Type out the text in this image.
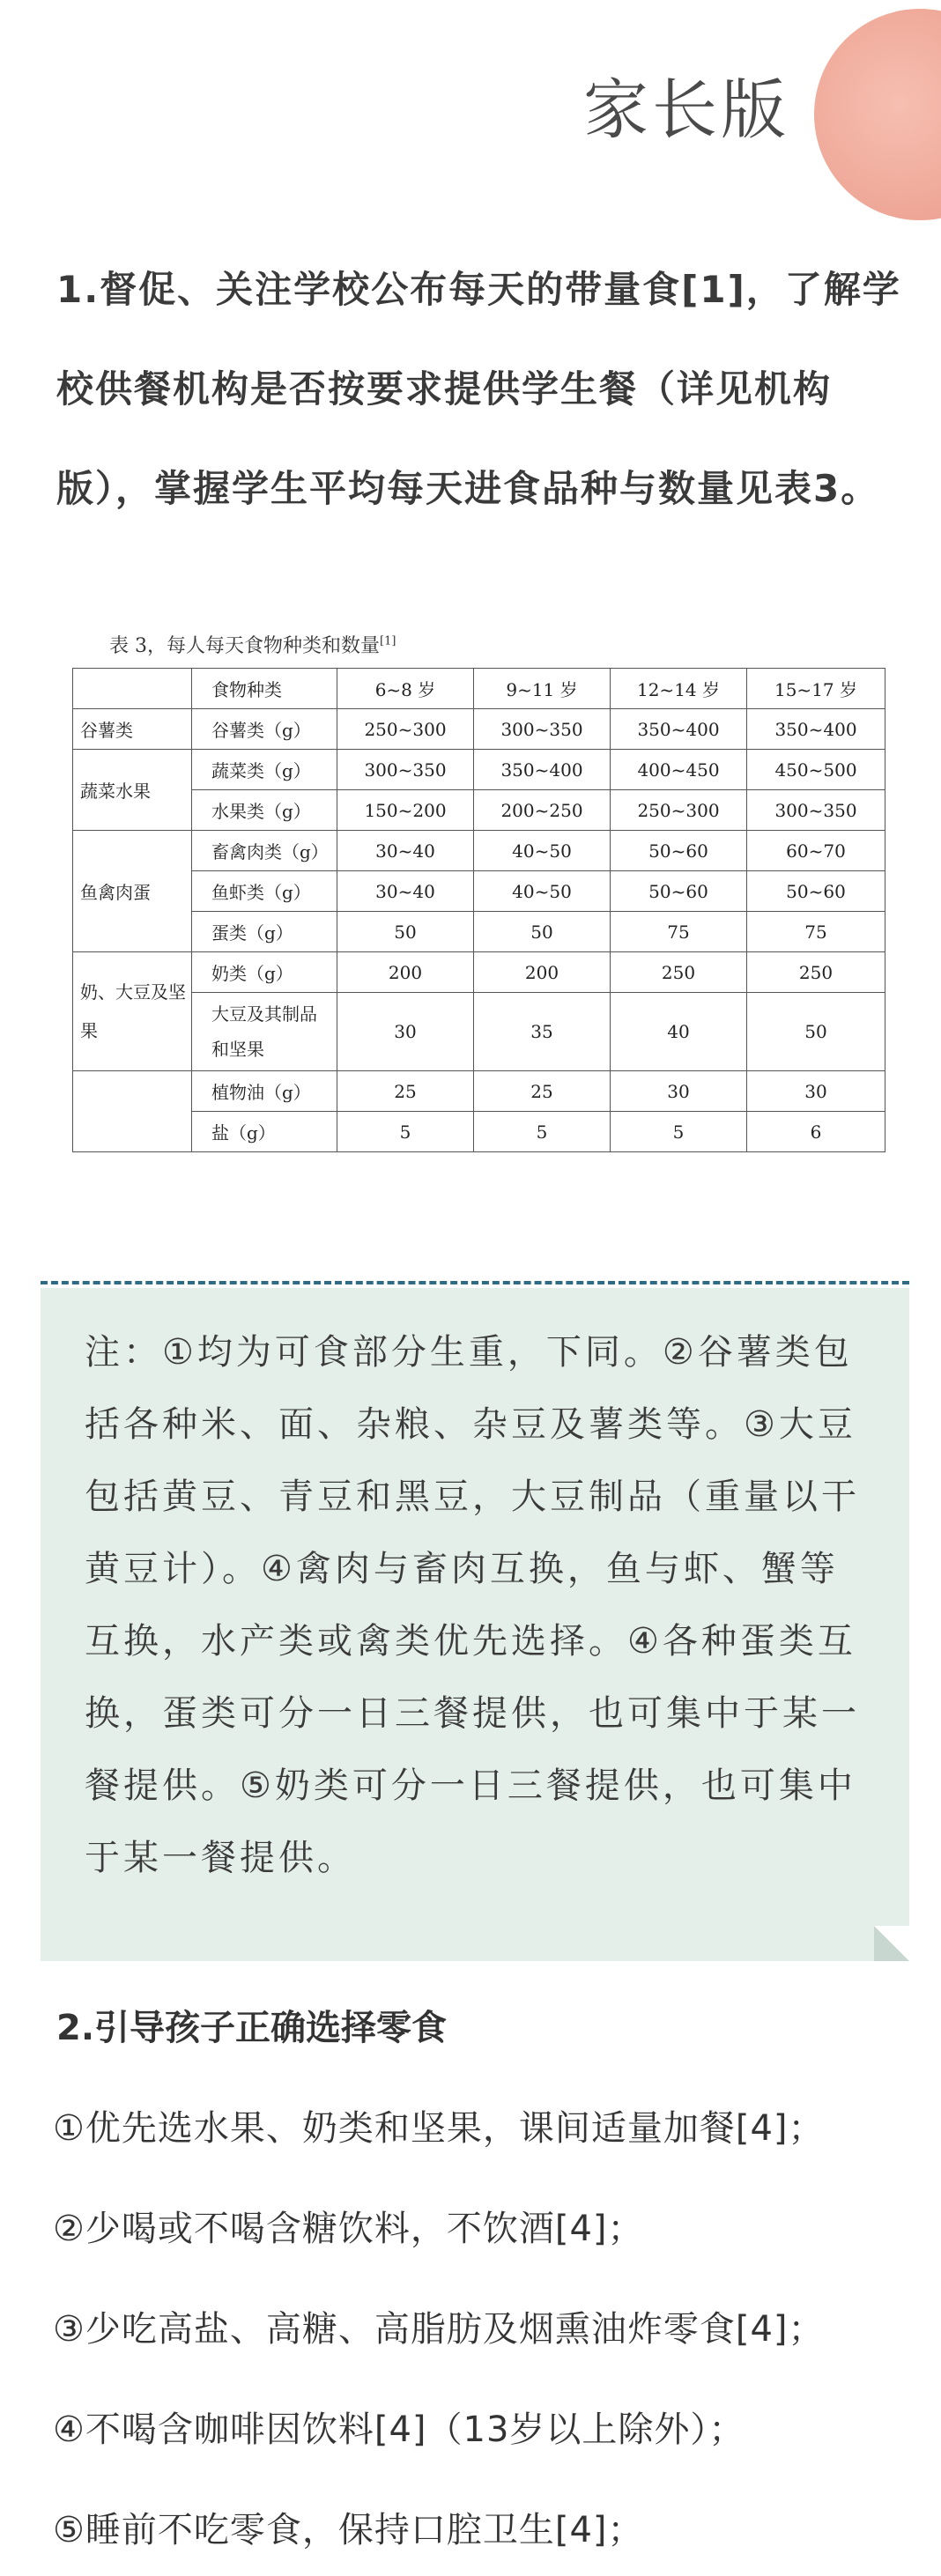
家长版
1.督促、关注学校公布每天的带量食[1]，了解学校供餐机构是否按要求提供学生餐（详见机构版），掌握学生平均每天进食品种与数量见表3。
表 3，每人每天食物种类和数量[1]
	食物种类	6~8 岁	9~11 岁	12~14 岁	15~17 岁
谷薯类	谷薯类（g）	250~300	300~350	350~400	350~400
蔬菜水果	蔬菜类（g）	300~350	350~400	400~450	450~500
	水果类（g）	150~200	200~250	250~300	300~350
鱼禽肉蛋	畜禽肉类（g）	30~40	40~50	50~60	60~70
	鱼虾类（g）	30~40	40~50	50~60	50~60
	蛋类（g）	50	50	75	75
奶、大豆及坚果	奶类（g）	200	200	250	250
	大豆及其制品和坚果	30	35	40	50
	植物油（g）	25	25	30	30
	盐（g）	5	5	5	6
注：①均为可食部分生重，下同。②谷薯类包括各种米、面、杂粮、杂豆及薯类等。③大豆包括黄豆、青豆和黑豆，大豆制品（重量以干黄豆计）。④禽肉与畜肉互换，鱼与虾、蟹等互换，水产类或禽类优先选择。④各种蛋类互换，蛋类可分一日三餐提供，也可集中于某一餐提供。⑤奶类可分一日三餐提供，也可集中于某一餐提供。
2.引导孩子正确选择零食
①优先选水果、奶类和坚果，课间适量加餐[4]；
②少喝或不喝含糖饮料，不饮酒[4]；
③少吃高盐、高糖、高脂肪及烟熏油炸零食[4]；
④不喝含咖啡因饮料[4]（13岁以上除外）；
⑤睡前不吃零食，保持口腔卫生[4]；
